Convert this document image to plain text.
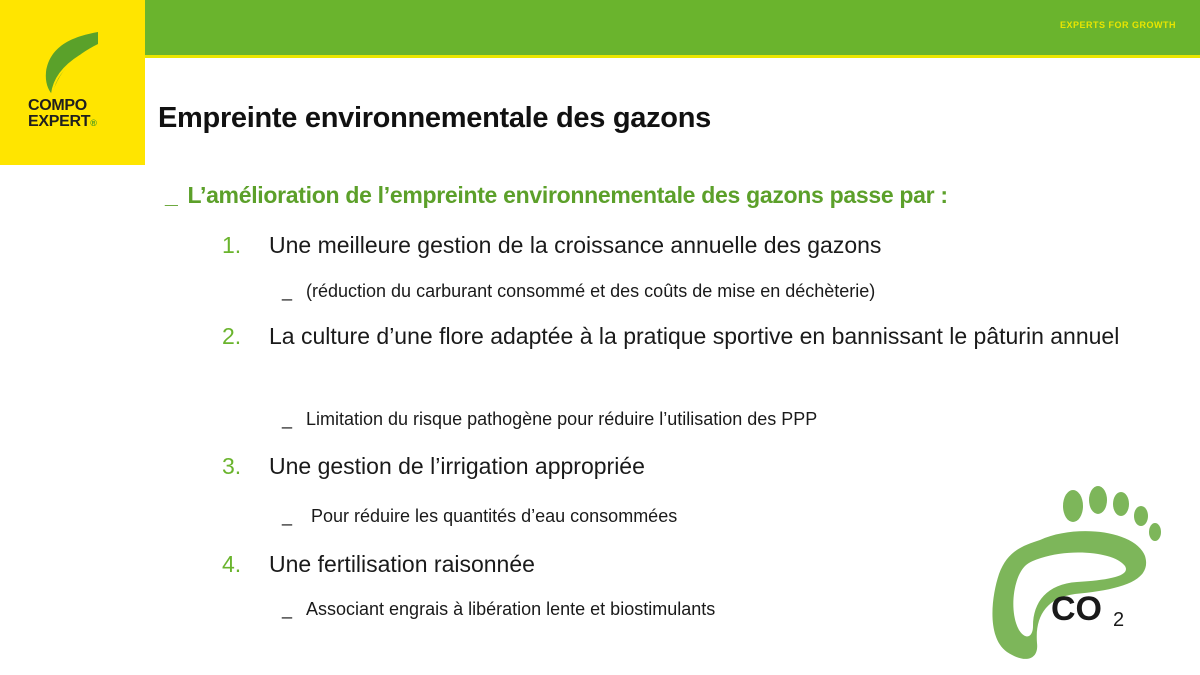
EXPERTS FOR GROWTH
COMPO
EXPERT®	Empreinte environnementale des gazons
_ L’amélioration de l’empreinte environnementale des gazons passe par :
1.	Une meilleure gestion de la croissance annuelle des gazons
_ (réduction du carburant consommé et des coûts de mise en déchèterie)
2.	La culture d’une flore adaptée à la pratique sportive en bannissant le pâturin annuel
_ Limitation du risque pathogène pour réduire l’utilisation des PPP
3.	Une gestion de l’irrigation appropriée
_ Pour réduire les quantités d’eau consommées
4.	Une fertilisation raisonnée
_ Associant engrais à libération lente et biostimulants	CO 2
